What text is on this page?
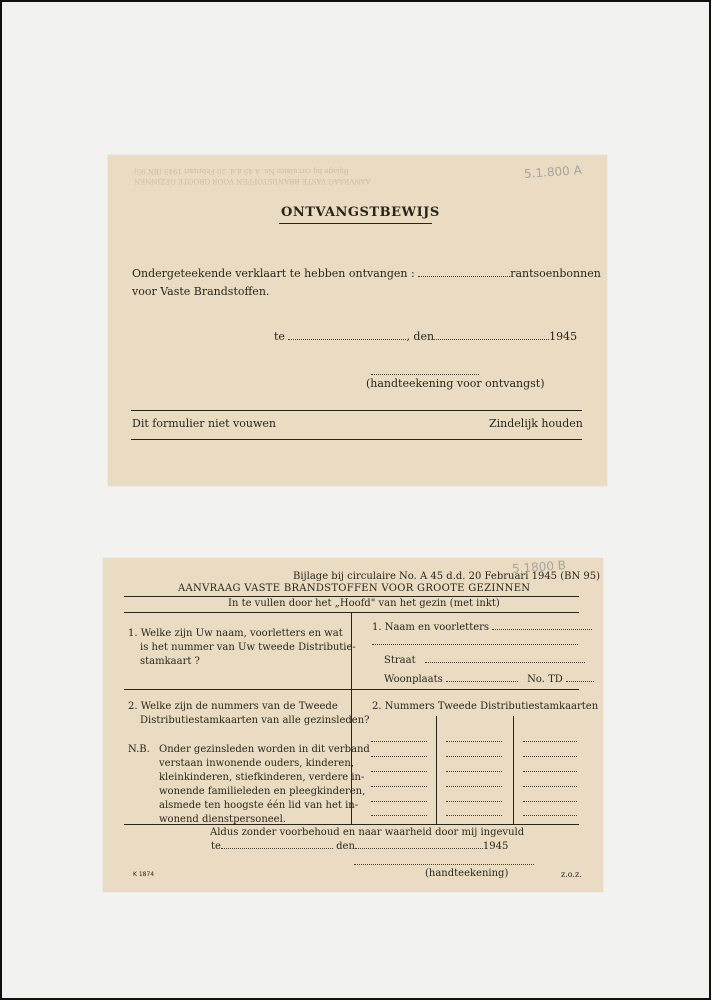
5.1.800 A
Bijlage bij circulaire No. A 45 d.d. 20 Februari 1945 (BN 95)
AANVRAAG VASTE BRANDSTOFFEN VOOR GROOTE GEZINNEN
ONTVANGSTBEWIJS
Ondergeteekende verklaart te hebben ontvangen :	rantsoenbonnen
voor Vaste Brandstoffen.
te	, den	1945
(handteekening voor ontvangst)
Dit formulier niet vouwen	Zindelijk houden
5.1800 B
Bijlage bij circulaire No. A 45 d.d. 20 Februari 1945 (BN 95)
AANVRAAG VASTE BRANDSTOFFEN VOOR GROOTE GEZINNEN
In te vullen door het „Hoofd" van het gezin (met inkt)
1. Welke zijn Uw naam, voorletters en wat
is het nummer van Uw tweede Distributie-
stamkaart ?
1. Naam en voorletters
Straat
Woonplaats	No. TD
2. Welke zijn de nummers van de Tweede
Distributiestamkaarten van alle gezinsleden?
N.B. Onder gezinsleden worden in dit verband
verstaan inwonende ouders, kinderen,
kleinkinderen, stiefkinderen, verdere in-
wonende familieleden en pleegkinderen,
alsmede ten hoogste één lid van het in-
wonend dienstpersoneel.
2. Nummers Tweede Distributiestamkaarten
Aldus zonder voorbehoud en naar waarheid door mij ingevuld
te	den	1945
K 1874	(handteekening)	z.o.z.
